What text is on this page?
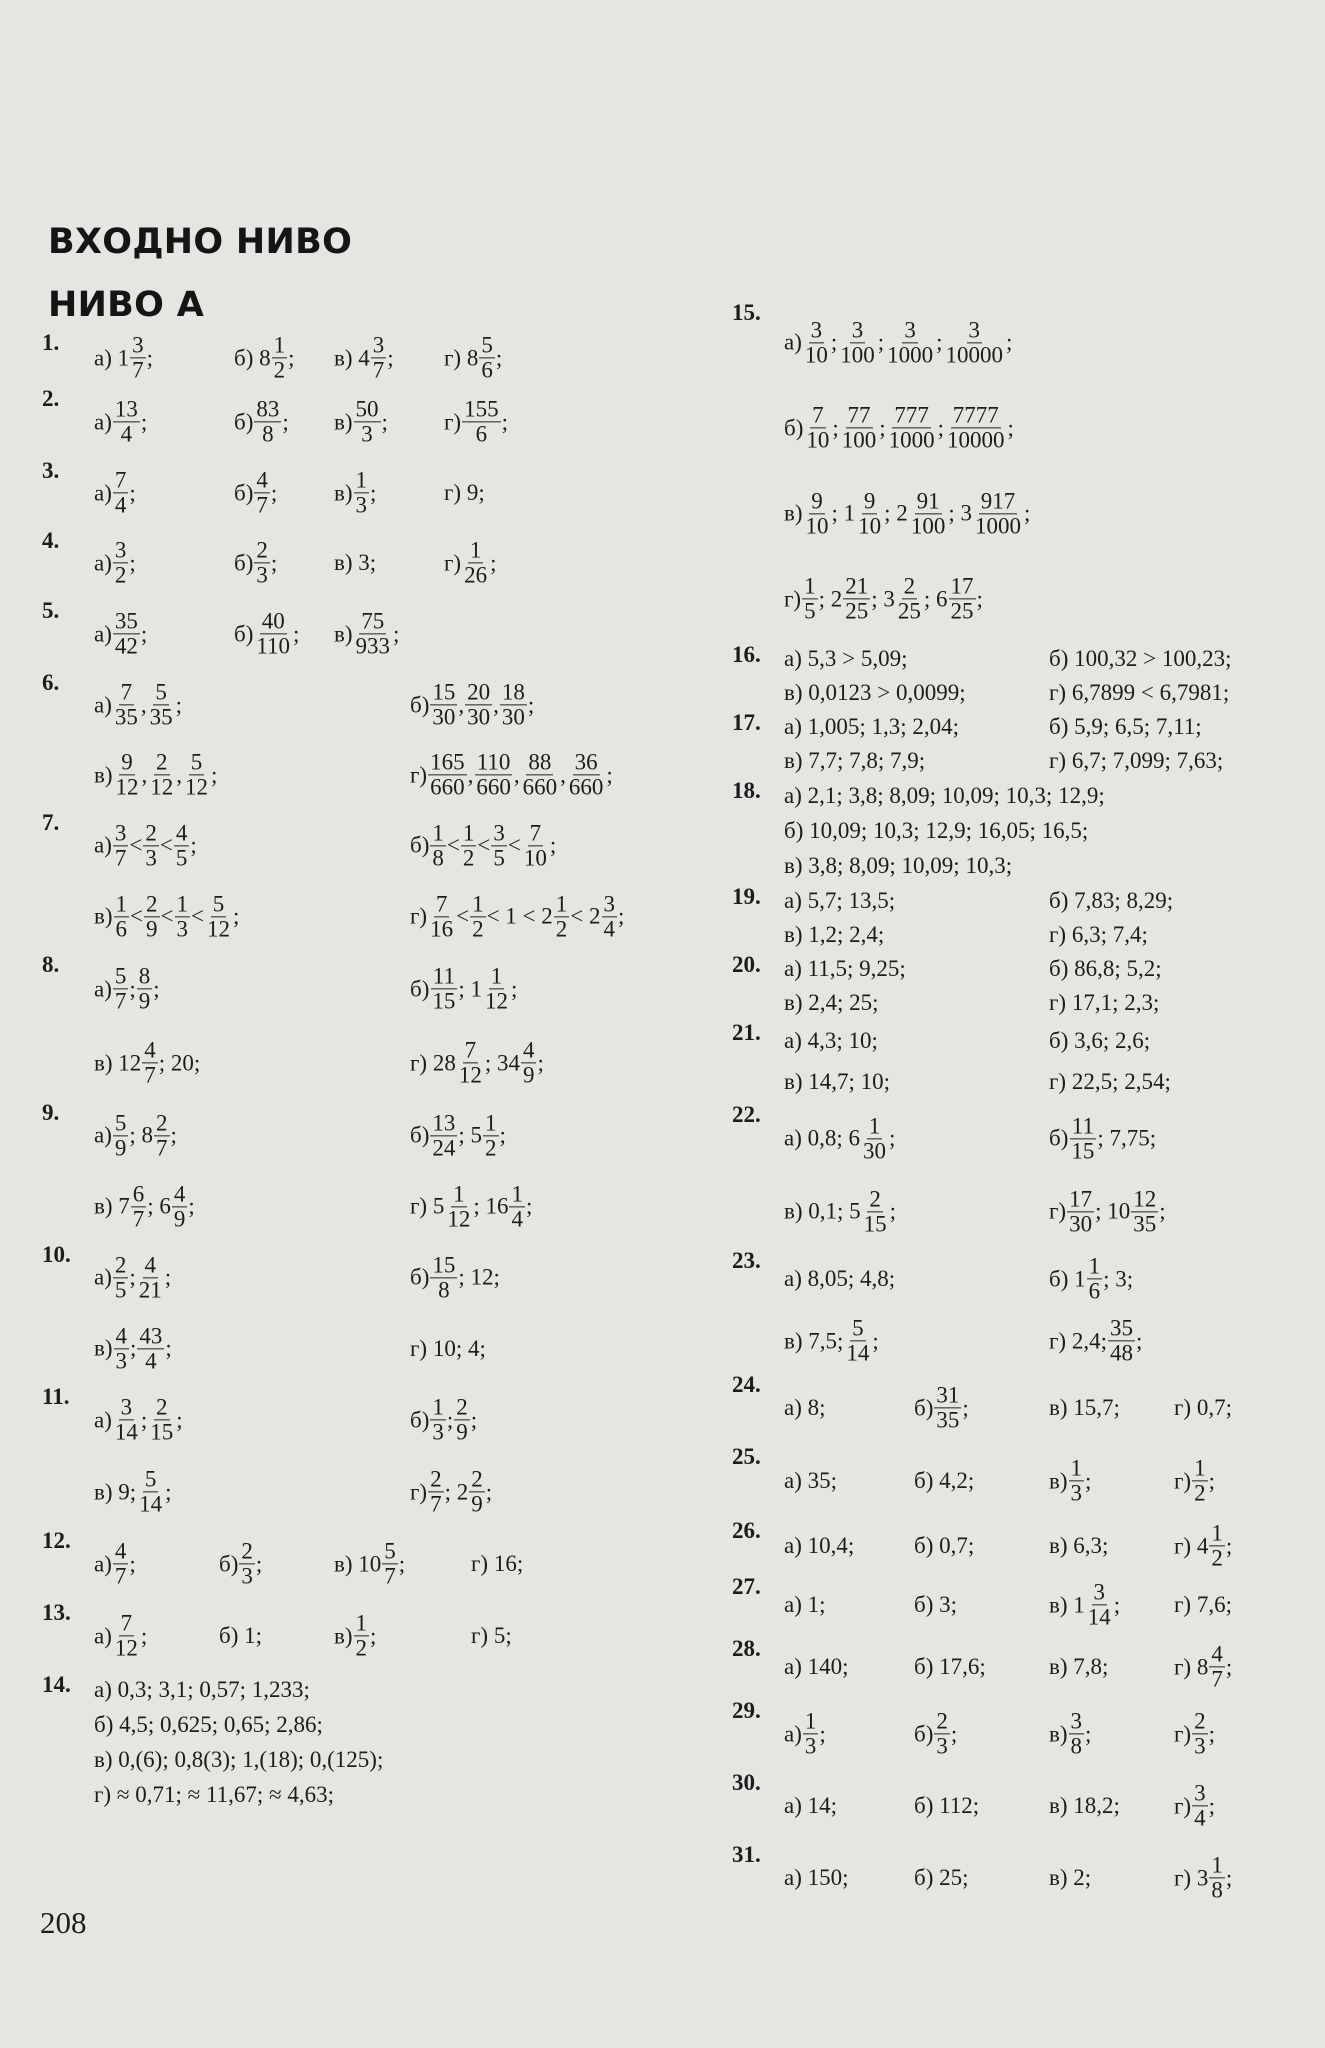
ВХОДНО НИВО
НИВО А
1.
а) $1 \frac{3}{7}$ ;	б) $8 \frac{1}{2}$ ; в) $4 \frac{3}{7}$ ; г) $8 \frac{5}{6}$ ;
2.
$а) \frac{13}{4}$ ;	$б) \frac{83}{8}$ ; $в) \frac{50}{3}$ ; $г) \frac{155}{6}$ ;
3.
$а) \frac{7}{4}$ ;	$б) \frac{4}{7}$ ; $в) \frac{1}{3}$ ;	г) 9;
4.
$а) \frac{3}{2}$ ;	$б) \frac{2}{3}$ ; в) 3;	$г) \frac{1}{26}$ ;
5.
$а) \frac{35}{42}$ ;	$б) \frac{40}{110}$ ; $в) \frac{75}{933}$ ;
6.
$а) \frac{7}{35}$ , $\frac{5}{35}$ ;	$б) \frac{15}{30}$ , $\frac{20}{30}$ , $\frac{18}{30}$ ;
$в) \frac{9}{12}$ , $\frac{2}{12}$ , $\frac{5}{12}$ ;	$г) \frac{165}{660}$ , $\frac{110}{660}$ , $\frac{88}{660}$ , $\frac{36}{660}$ ;
7.
$а) \frac{3}{7} < \frac{2}{3} < \frac{4}{5}$ ;	$б) \frac{1}{8} < \frac{1}{2} < \frac{3}{5} < \frac{7}{10}$ ;
$в) \frac{1}{6} < \frac{2}{9} < \frac{1}{3} < \frac{5}{12}$ ;	$г) \frac{7}{16} < \frac{1}{2} < 1 < 2 \frac{1}{2} < 2 \frac{3}{4}$ ;
8.
$а) \frac{5}{7}$ ; $\frac{8}{9}$ ;	$б) \frac{11}{15}$ ; $1 \frac{1}{12}$ ;
в) $12 \frac{4}{7}$ ; 20;	г) $28 \frac{7}{12}$ ; $34 \frac{4}{9}$ ;
9.
$а) \frac{5}{9}$ ; $8 \frac{2}{7}$ ;	$б) \frac{13}{24}$ ; $5 \frac{1}{2}$ ;
в) $7 \frac{6}{7}$ ; $6 \frac{4}{9}$ ;	г) $5 \frac{1}{12}$ ; $16 \frac{1}{4}$ ;
10.
$а) \frac{2}{5}$ ; $\frac{4}{21}$ ;	$б) \frac{15}{8}$ ; 12;
$в) \frac{4}{3}$ ; $\frac{43}{4}$ ;	г) 10; 4;
11.
$а) \frac{3}{14}$ ; $\frac{2}{15}$ ;	$б) \frac{1}{3}$ ; $\frac{2}{9}$ ;
в) 9; $\frac{5}{14}$ ;	$г) \frac{2}{7}$ ; $2 \frac{2}{9}$ ;
12.
$а) \frac{4}{7}$ ;	$б) \frac{2}{3}$ ;	в) $10 \frac{5}{7}$ ;	г) 16;
13.
$а) \frac{7}{12}$ ;	б) 1;	$в) \frac{1}{2}$ ;	г) 5;
14.	а) 0,3; 3,1; 0,57; 1,233;
б) 4,5; 0,625; 0,65; 2,86;
в) 0,(6); 0,8(3); 1,(18); 0,(125);
г) ≈ 0,71; ≈ 11,67; ≈ 4,63;
15.
$а) \frac{3}{10}$ ; $\frac{3}{100}$ ; $\frac{3}{1000}$ ; $\frac{3}{10000}$ ;
$б) \frac{7}{10}$ ; $\frac{77}{100}$ ; $\frac{777}{1000}$ ; $\frac{7777}{10000}$ ;
$в) \frac{9}{10}$ ; $1 \frac{9}{10}$ ; $2 \frac{91}{100}$ ; $3 \frac{917}{1000}$ ;
$г) \frac{1}{5}$ ; $2 \frac{21}{25}$ ; $3 \frac{2}{25}$ ; $6 \frac{17}{25}$ ;
16.	а) 5,3 > 5,09;	б) 100,32 > 100,23;
в) 0,0123 > 0,0099;	г) 6,7899 < 6,7981;
17.	а) 1,005; 1,3; 2,04;	б) 5,9; 6,5; 7,11;
в) 7,7; 7,8; 7,9;	г) 6,7; 7,099; 7,63;
18.	а) 2,1; 3,8; 8,09; 10,09; 10,3; 12,9;
б) 10,09; 10,3; 12,9; 16,05; 16,5;
в) 3,8; 8,09; 10,09; 10,3;
19.	а) 5,7; 13,5;	б) 7,83; 8,29;
в) 1,2; 2,4;	г) 6,3; 7,4;
20.	а) 11,5; 9,25;	б) 86,8; 5,2;
в) 2,4; 25;	г) 17,1; 2,3;
21.	а) 4,3; 10;	б) 3,6; 2,6;
в) 14,7; 10;	г) 22,5; 2,54;
22.
а) 0,8; $6 \frac{1}{30}$ ;	$б) \frac{11}{15}$ ; 7,75;
в) 0,1; $5 \frac{2}{15}$ ;	$г) \frac{17}{30}$ ; $10 \frac{12}{35}$ ;
23.
а) 8,05; 4,8;	б) $1 \frac{1}{6}$ ; 3;
в) 7,5; $\frac{5}{14}$ ;	г) 2,4; $\frac{35}{48}$ ;
24.
а) 8;	$б) \frac{31}{35}$ ;	в) 15,7; г) 0,7;
25.
а) 35;	б) 4,2;	$в) \frac{1}{3}$ ;	$г) \frac{1}{2}$ ;
26.
а) 10,4;	б) 0,7;	в) 6,3;	г) $4 \frac{1}{2}$ ;
27.
а) 1;	б) 3;	в) $1 \frac{3}{14}$ ; г) 7,6;
28.
а) 140;	б) 17,6;	в) 7,8;	г) $8 \frac{4}{7}$ ;
29.
$а) \frac{1}{3}$ ;	$б) \frac{2}{3}$ ;	$в) \frac{3}{8}$ ;	$г) \frac{2}{3}$ ;
30.
а) 14;	б) 112;	в) 18,2; $г) \frac{3}{4}$ ;
31.
а) 150;	б) 25;	в) 2;	г) $3 \frac{1}{8}$ ;
208
